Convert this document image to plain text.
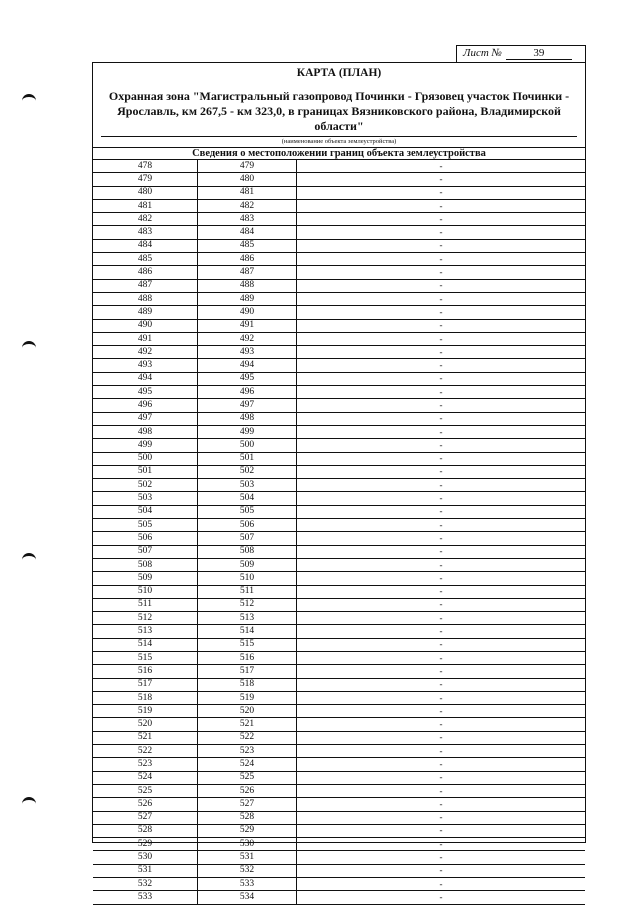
Лист №	39
КАРТА (ПЛАН)
Охранная зона "Магистральный газопровод Починки - Грязовец участок Починки - Ярославль, км 267,5 - км 323,0, в границах Вязниковского района, Владимирской области"
(наименование объекта землеустройства)
Сведения о местоположении границ объекта землеустройства
478	479	-
479	480	-
480	481	-
481	482	-
482	483	-
483	484	-
484	485	-
485	486	-
486	487	-
487	488	-
488	489	-
489	490	-
490	491	-
491	492	-
492	493	-
493	494	-
494	495	-
495	496	-
496	497	-
497	498	-
498	499	-
499	500	-
500	501	-
501	502	-
502	503	-
503	504	-
504	505	-
505	506	-
506	507	-
507	508	-
508	509	-
509	510	-
510	511	-
511	512	-
512	513	-
513	514	-
514	515	-
515	516	-
516	517	-
517	518	-
518	519	-
519	520	-
520	521	-
521	522	-
522	523	-
523	524	-
524	525	-
525	526	-
526	527	-
527	528	-
528	529	-
529	530	-
530	531	-
531	532	-
532	533	-
533	534	-
